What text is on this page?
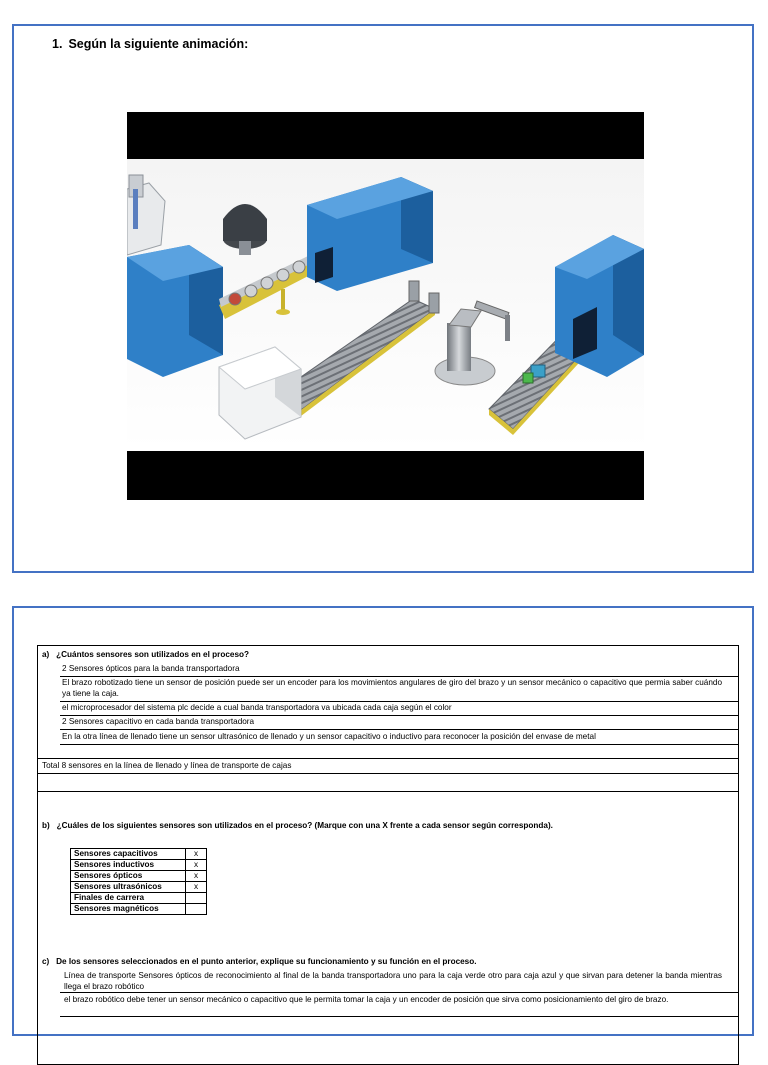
1. Según la siguiente animación:
a) ¿Cuántos sensores son utilizados en el proceso?
2 Sensores ópticos para la banda transportadora
El brazo robotizado tiene un sensor de posición puede ser un encoder para los movimientos angulares de giro del brazo y un sensor mecánico o capacitivo que permia saber cuándo ya tiene la caja.
el microprocesador del sistema plc decide a cual banda transportadora va ubicada cada caja según el color
2 Sensores capacitivo en cada banda transportadora
En la otra línea de llenado tiene un sensor ultrasónico de llenado y un sensor capacitivo o inductivo para reconocer la posición del envase de metal
Total 8 sensores en la línea de llenado y línea de transporte de cajas
b) ¿Cuáles de los siguientes sensores son utilizados en el proceso? (Marque con una X frente a cada sensor según corresponda).
Sensores capacitivos	x
Sensores inductivos	x
Sensores ópticos	x
Sensores ultrasónicos	x
Finales de carrera	
Sensores magnéticos	
c) De los sensores seleccionados en el punto anterior, explique su funcionamiento y su función en el proceso.
Línea de transporte Sensores ópticos de reconocimiento al final de la banda transportadora uno para la caja verde otro para caja azul y que sirvan para detener la banda mientras llega el brazo robótico
el brazo robótico debe tener un sensor mecánico o capacitivo que le permita tomar la caja y un encoder de posición que sirva como posicionamiento del giro de brazo.
